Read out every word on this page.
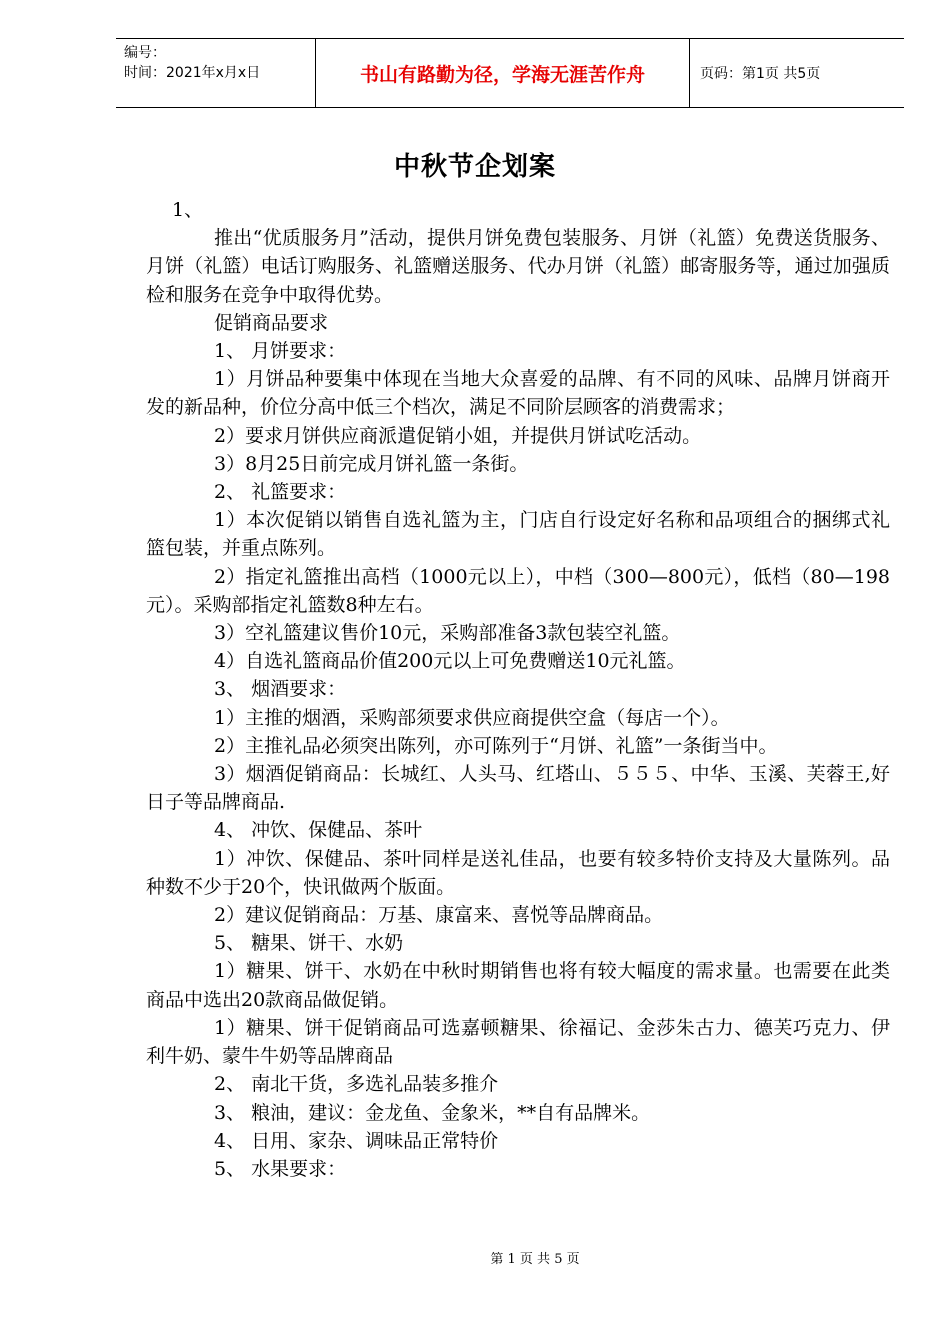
编号：
时间：2021年x月x日	书山有路勤为径，学海无涯苦作舟	页码：第1页 共5页
中秋节企划案

1、

推出“优质服务月”活动，提供月饼免费包装服务、月饼（礼篮）免费送货服务、月饼（礼篮）电话订购服务、礼篮赠送服务、代办月饼（礼篮）邮寄服务等，通过加强质检和服务在竞争中取得优势。

促销商品要求

1、 月饼要求：

1）月饼品种要集中体现在当地大众喜爱的品牌、有不同的风味、品牌月饼商开发的新品种，价位分高中低三个档次，满足不同阶层顾客的消费需求；

2）要求月饼供应商派遣促销小姐，并提供月饼试吃活动。

3）8月25日前完成月饼礼篮一条街。

2、 礼篮要求：

1）本次促销以销售自选礼篮为主，门店自行设定好名称和品项组合的捆绑式礼篮包装，并重点陈列。

2）指定礼篮推出高档（1000元以上），中档（300—800元），低档（80—198元）。采购部指定礼篮数8种左右。

3）空礼篮建议售价10元，采购部准备3款包装空礼篮。

4）自选礼篮商品价值200元以上可免费赠送10元礼篮。

3、 烟酒要求：

1）主推的烟酒，采购部须要求供应商提供空盒（每店一个）。

2）主推礼品必须突出陈列，亦可陈列于“月饼、礼篮”一条街当中。

3）烟酒促销商品：长城红、人头马、红塔山、５５５、中华、玉溪、芙蓉王,好日子等品牌商品.

4、 冲饮、保健品、茶叶

1）冲饮、保健品、茶叶同样是送礼佳品，也要有较多特价支持及大量陈列。品种数不少于20个，快讯做两个版面。

2）建议促销商品：万基、康富来、喜悦等品牌商品。

5、 糖果、饼干、水奶

1）糖果、饼干、水奶在中秋时期销售也将有较大幅度的需求量。也需要在此类商品中选出20款商品做促销。

1）糖果、饼干促销商品可选嘉顿糖果、徐福记、金莎朱古力、德芙巧克力、伊利牛奶、蒙牛牛奶等品牌商品

2、 南北干货，多选礼品装多推介

3、 粮油，建议：金龙鱼、金象米，**自有品牌米。

4、 日用、家杂、调味品正常特价

5、 水果要求：

第 1 页 共 5 页
